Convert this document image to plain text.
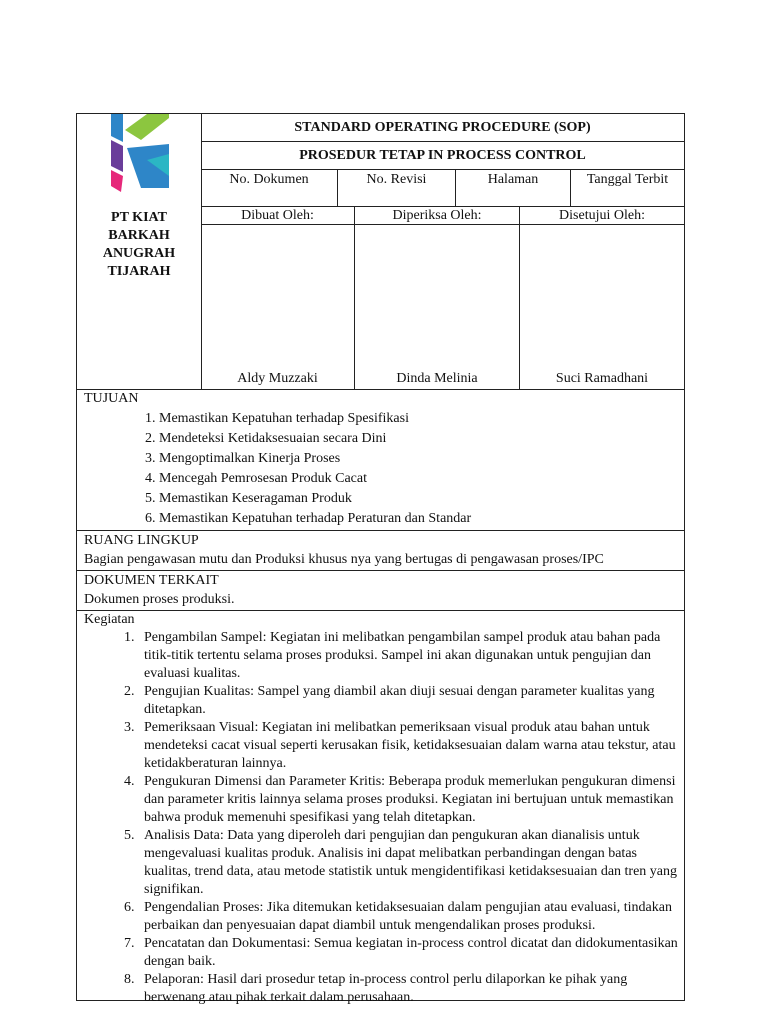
PT KIAT
BARKAH
ANUGRAH
TIJARAH
STANDARD OPERATING PROCEDURE (SOP)
PROSEDUR TETAP IN PROCESS CONTROL
No. Dokumen	No. Revisi	Halaman	Tanggal Terbit
Dibuat Oleh:	Diperiksa Oleh:	Disetujui Oleh:
Aldy Muzzaki	Dinda Melinia	Suci Ramadhani
TUJUAN
1. Memastikan Kepatuhan terhadap Spesifikasi
2. Mendeteksi Ketidaksesuaian secara Dini
3. Mengoptimalkan Kinerja Proses
4. Mencegah Pemrosesan Produk Cacat
5. Memastikan Keseragaman Produk
6. Memastikan Kepatuhan terhadap Peraturan dan Standar
RUANG LINGKUP
Bagian pengawasan mutu dan Produksi khusus nya yang bertugas di pengawasan proses/IPC
DOKUMEN TERKAIT
Dokumen proses produksi.
Kegiatan
1. Pengambilan Sampel: Kegiatan ini melibatkan pengambilan sampel produk atau bahan pada titik-titik tertentu selama proses produksi. Sampel ini akan digunakan untuk pengujian dan evaluasi kualitas.
2. Pengujian Kualitas: Sampel yang diambil akan diuji sesuai dengan parameter kualitas yang ditetapkan.
3. Pemeriksaan Visual: Kegiatan ini melibatkan pemeriksaan visual produk atau bahan untuk mendeteksi cacat visual seperti kerusakan fisik, ketidaksesuaian dalam warna atau tekstur, atau ketidakberaturan lainnya.
4. Pengukuran Dimensi dan Parameter Kritis: Beberapa produk memerlukan pengukuran dimensi dan parameter kritis lainnya selama proses produksi. Kegiatan ini bertujuan untuk memastikan bahwa produk memenuhi spesifikasi yang telah ditetapkan.
5. Analisis Data: Data yang diperoleh dari pengujian dan pengukuran akan dianalisis untuk mengevaluasi kualitas produk. Analisis ini dapat melibatkan perbandingan dengan batas kualitas, trend data, atau metode statistik untuk mengidentifikasi ketidaksesuaian dan tren yang signifikan.
6. Pengendalian Proses: Jika ditemukan ketidaksesuaian dalam pengujian atau evaluasi, tindakan perbaikan dan penyesuaian dapat diambil untuk mengendalikan proses produksi.
7. Pencatatan dan Dokumentasi: Semua kegiatan in-process control dicatat dan didokumentasikan dengan baik.
8. Pelaporan: Hasil dari prosedur tetap in-process control perlu dilaporkan ke pihak yang berwenang atau pihak terkait dalam perusahaan.
